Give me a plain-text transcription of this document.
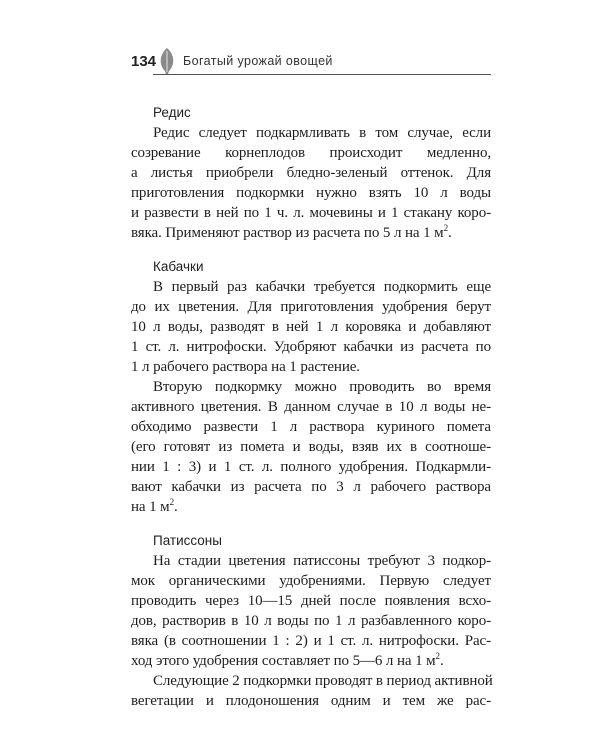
134 Богатый урожай овощей
Редис

Редис следует подкармливать в том случае, если
созревание корнеплодов происходит медленно,
а листья приобрели бледно-зеленый оттенок. Для
приготовления подкормки нужно взять 10 л воды
и развести в ней по 1 ч. л. мочевины и 1 стакану коро-
вяка. Применяют раствор из расчета по 5 л на 1 $м^2$.

Кабачки

В первый раз кабачки требуется подкормить еще
до их цветения. Для приготовления удобрения берут
10 л воды, разводят в ней 1 л коровяка и добавляют
1 ст. л. нитрофоски. Удобряют кабачки из расчета по
1 л рабочего раствора на 1 растение.

Вторую подкормку можно проводить во время
активного цветения. В данном случае в 10 л воды не-
обходимо развести 1 л раствора куриного помета
(его готовят из помета и воды, взяв их в соотноше-
нии 1 : 3) и 1 ст. л. полного удобрения. Подкармли-
вают кабачки из расчета по 3 л рабочего раствора
на 1 $м^2$.

Патиссоны

На стадии цветения патиссоны требуют 3 подкор-
мок органическими удобрениями. Первую следует
проводить через 10—15 дней после появления всхо-
дов, растворив в 10 л воды по 1 л разбавленного коро-
вяка (в соотношении 1 : 2) и 1 ст. л. нитрофоски. Рас-
ход этого удобрения составляет по 5—6 л на 1 $м^2$.

Следующие 2 подкормки проводят в период активной
вегетации и плодоношения одним и тем же рас-
